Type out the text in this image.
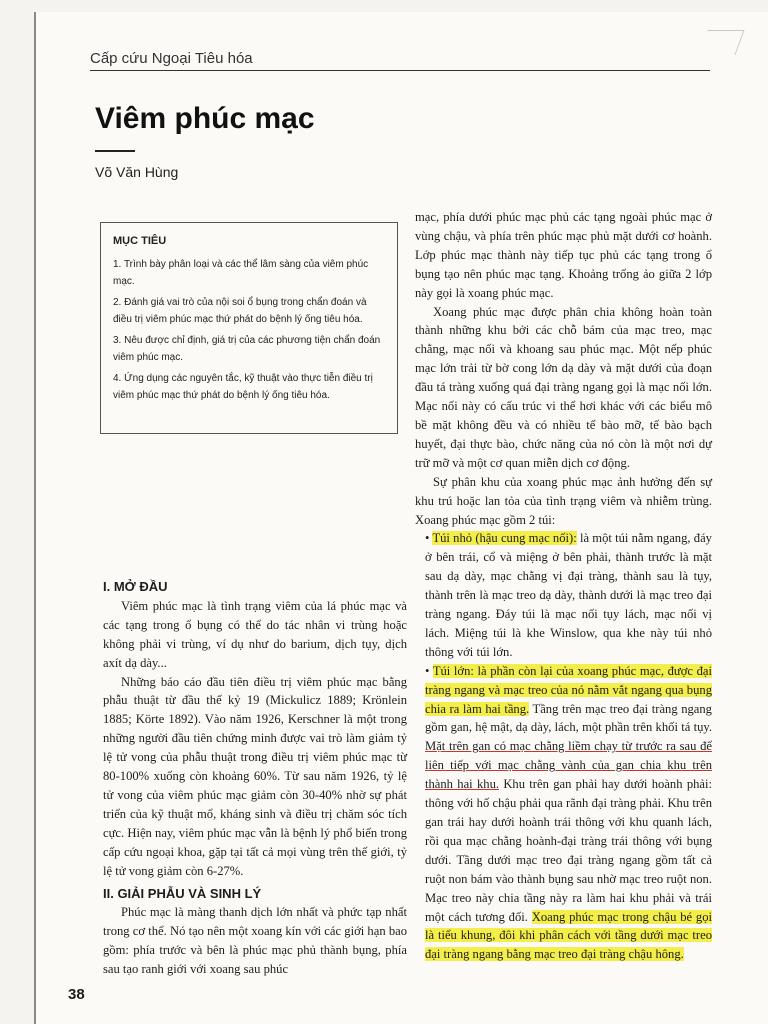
Cấp cứu Ngoại Tiêu hóa
Viêm phúc mạc
Võ Văn Hùng
MỤC TIÊU

1. Trình bày phân loại và các thể lâm sàng của viêm phúc mạc.

2. Đánh giá vai trò của nội soi ổ bụng trong chẩn đoán và điều trị viêm phúc mạc thứ phát do bệnh lý ống tiêu hóa.

3. Nêu được chỉ định, giá trị của các phương tiện chẩn đoán viêm phúc mạc.

4. Ứng dụng các nguyên tắc, kỹ thuật vào thực tiễn điều trị viêm phúc mạc thứ phát do bệnh lý ống tiêu hóa.

I. MỞ ĐẦU

Viêm phúc mạc là tình trạng viêm của lá phúc mạc và các tạng trong ổ bụng có thể do tác nhân vi trùng hoặc không phải vi trùng, ví dụ như do barium, dịch tụy, dịch axít dạ dày...

Những báo cáo đầu tiên điều trị viêm phúc mạc bằng phẫu thuật từ đầu thế kỷ 19 (Mickulicz 1889; Krönlein 1885; Körte 1892). Vào năm 1926, Kerschner là một trong những người đầu tiên chứng minh được vai trò làm giảm tỷ lệ tử vong của phẫu thuật trong điều trị viêm phúc mạc từ 80-100% xuống còn khoảng 60%. Từ sau năm 1926, tỷ lệ tử vong của viêm phúc mạc giảm còn 30-40% nhờ sự phát triển của kỹ thuật mổ, kháng sinh và điều trị chăm sóc tích cực. Hiện nay, viêm phúc mạc vẫn là bệnh lý phổ biến trong cấp cứu ngoại khoa, gặp tại tất cả mọi vùng trên thế giới, tỷ lệ tử vong giảm còn 6-27%.

II. GIẢI PHẪU VÀ SINH LÝ

Phúc mạc là màng thanh dịch lớn nhất và phức tạp nhất trong cơ thể. Nó tạo nên một xoang kín với các giới hạn bao gồm: phía trước và bên là phúc mạc phủ thành bụng, phía sau tạo ranh giới với xoang sau phúc

mạc, phía dưới phúc mạc phủ các tạng ngoài phúc mạc ở vùng chậu, và phía trên phúc mạc phủ mặt dưới cơ hoành. Lớp phúc mạc thành này tiếp tục phủ các tạng trong ổ bụng tạo nên phúc mạc tạng. Khoảng trống ảo giữa 2 lớp này gọi là xoang phúc mạc.

Xoang phúc mạc được phân chia không hoàn toàn thành những khu bởi các chỗ bám của mạc treo, mạc chằng, mạc nối và khoang sau phúc mạc. Một nếp phúc mạc lớn trải từ bờ cong lớn dạ dày và mặt dưới của đoạn đầu tá tràng xuống quá đại tràng ngang gọi là mạc nối lớn. Mạc nối này có cấu trúc vi thể hơi khác với các biểu mô bề mặt không đều và có nhiều tế bào mỡ, tế bào bạch huyết, đại thực bào, chức năng của nó còn là một nơi dự trữ mỡ và một cơ quan miễn dịch cơ động.

Sự phân khu của xoang phúc mạc ảnh hưởng đến sự khu trú hoặc lan tỏa của tình trạng viêm và nhiễm trùng. Xoang phúc mạc gồm 2 túi:

• Túi nhỏ (hậu cung mạc nối): là một túi nằm ngang, đáy ở bên trái, cổ và miệng ở bên phải, thành trước là mặt sau dạ dày, mạc chằng vị đại tràng, thành sau là tụy, thành trên là mạc treo dạ dày, thành dưới là mạc treo đại tràng ngang. Đáy túi là mạc nối tụy lách, mạc nối vị lách. Miệng túi là khe Winslow, qua khe này túi nhỏ thông với túi lớn.

• Túi lớn: là phần còn lại của xoang phúc mạc, được đại tràng ngang và mạc treo của nó nằm vắt ngang qua bụng chia ra làm hai tầng. Tầng trên mạc treo đại tràng ngang gồm gan, hệ mật, dạ dày, lách, một phần trên khối tá tụy. Mặt trên gan có mạc chằng liềm chạy từ trước ra sau để liên tiếp với mạc chằng vành của gan chia khu trên thành hai khu. Khu trên gan phải hay dưới hoành phải: thông với hố chậu phải qua rãnh đại tràng phải. Khu trên gan trái hay dưới hoành trái thông với khu quanh lách, rồi qua mạc chằng hoành-đại tràng trái thông với bụng dưới. Tầng dưới mạc treo đại tràng ngang gồm tất cả ruột non bám vào thành bụng sau nhờ mạc treo ruột non. Mạc treo này chia tầng này ra làm hai khu phải và trái một cách tương đối. Xoang phúc mạc trong chậu bé gọi là tiểu khung, đôi khi phân cách với tầng dưới mạc treo đại tràng ngang bằng mạc treo đại tràng chậu hông.

38
